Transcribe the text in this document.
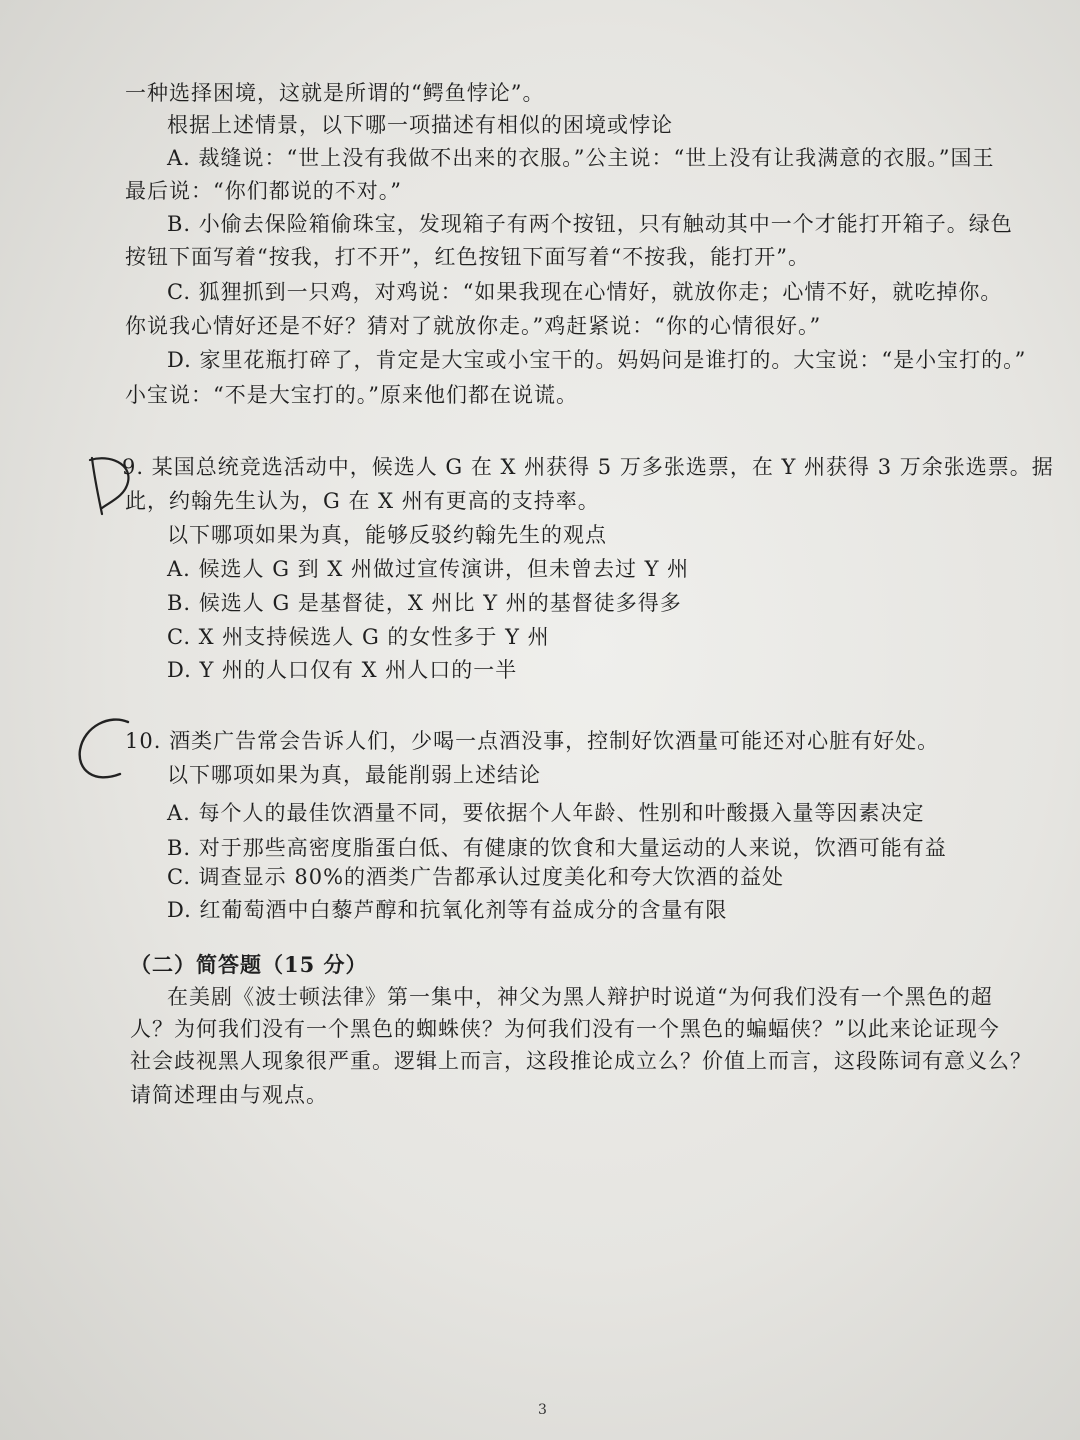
一种选择困境，这就是所谓的“鳄鱼悖论”。
根据上述情景，以下哪一项描述有相似的困境或悖论
A. 裁缝说：“世上没有我做不出来的衣服。”公主说：“世上没有让我满意的衣服。”国王
最后说：“你们都说的不对。”
B. 小偷去保险箱偷珠宝，发现箱子有两个按钮，只有触动其中一个才能打开箱子。绿色
按钮下面写着“按我，打不开”，红色按钮下面写着“不按我，能打开”。
C. 狐狸抓到一只鸡，对鸡说：“如果我现在心情好，就放你走；心情不好，就吃掉你。
你说我心情好还是不好？猜对了就放你走。”鸡赶紧说：“你的心情很好。”
D. 家里花瓶打碎了，肯定是大宝或小宝干的。妈妈问是谁打的。大宝说：“是小宝打的。”
小宝说：“不是大宝打的。”原来他们都在说谎。
9. 某国总统竞选活动中，候选人 G 在 X 州获得 5 万多张选票，在 Y 州获得 3 万余张选票。据
此，约翰先生认为，G 在 X 州有更高的支持率。
以下哪项如果为真，能够反驳约翰先生的观点
A. 候选人 G 到 X 州做过宣传演讲，但未曾去过 Y 州
B. 候选人 G 是基督徒，X 州比 Y 州的基督徒多得多
C. X 州支持候选人 G 的女性多于 Y 州
D. Y 州的人口仅有 X 州人口的一半
10. 酒类广告常会告诉人们，少喝一点酒没事，控制好饮酒量可能还对心脏有好处。
以下哪项如果为真，最能削弱上述结论
A. 每个人的最佳饮酒量不同，要依据个人年龄、性别和叶酸摄入量等因素决定
B. 对于那些高密度脂蛋白低、有健康的饮食和大量运动的人来说，饮酒可能有益
C. 调查显示 80%的酒类广告都承认过度美化和夸大饮酒的益处
D. 红葡萄酒中白藜芦醇和抗氧化剂等有益成分的含量有限
（二）简答题（15 分）
在美剧《波士顿法律》第一集中，神父为黑人辩护时说道“为何我们没有一个黑色的超
人？为何我们没有一个黑色的蜘蛛侠？为何我们没有一个黑色的蝙蝠侠？”以此来论证现今
社会歧视黑人现象很严重。逻辑上而言，这段推论成立么？价值上而言，这段陈词有意义么？
请简述理由与观点。
3
